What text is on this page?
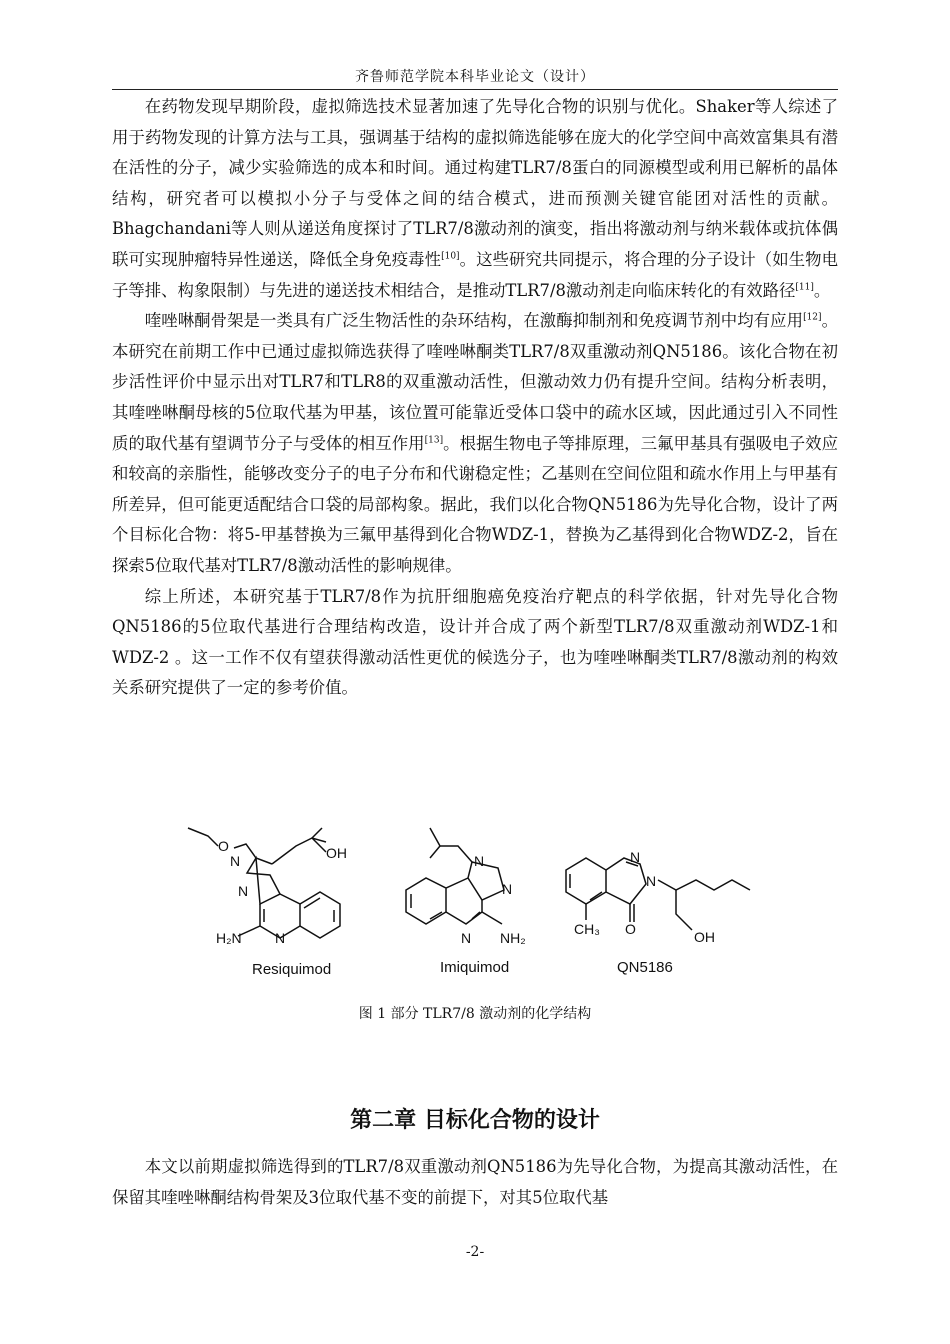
齐鲁师范学院本科毕业论文（设计）

在药物发现早期阶段，虚拟筛选技术显著加速了先导化合物的识别与优化。Shaker等人综述了用于药物发现的计算方法与工具，强调基于结构的虚拟筛选能够在庞大的化学空间中高效富集具有潜在活性的分子，减少实验筛选的成本和时间。通过构建TLR7/8蛋白的同源模型或利用已解析的晶体结构，研究者可以模拟小分子与受体之间的结合模式，进而预测关键官能团对活性的贡献。Bhagchandani等人则从递送角度探讨了TLR7/8激动剂的演变，指出将激动剂与纳米载体或抗体偶联可实现肿瘤特异性递送，降低全身免疫毒性[10]。这些研究共同提示，将合理的分子设计（如生物电子等排、构象限制）与先进的递送技术相结合，是推动TLR7/8激动剂走向临床转化的有效路径[11]。

喹唑啉酮骨架是一类具有广泛生物活性的杂环结构，在激酶抑制剂和免疫调节剂中均有应用[12]。本研究在前期工作中已通过虚拟筛选获得了喹唑啉酮类TLR7/8双重激动剂QN5186。该化合物在初步活性评价中显示出对TLR7和TLR8的双重激动活性，但激动效力仍有提升空间。结构分析表明，其喹唑啉酮母核的5位取代基为甲基，该位置可能靠近受体口袋中的疏水区域，因此通过引入不同性质的取代基有望调节分子与受体的相互作用[13]。根据生物电子等排原理，三氟甲基具有强吸电子效应和较高的亲脂性，能够改变分子的电子分布和代谢稳定性；乙基则在空间位阻和疏水作用上与甲基有所差异，但可能更适配结合口袋的局部构象。据此，我们以化合物QN5186为先导化合物，设计了两个目标化合物：将5-甲基替换为三氟甲基得到化合物WDZ-1，替换为乙基得到化合物WDZ-2，旨在探索5位取代基对TLR7/8激动活性的影响规律。

综上所述，本研究基于TLR7/8作为抗肝细胞癌免疫治疗靶点的科学依据，针对先导化合物QN5186的5位取代基进行合理结构改造，设计并合成了两个新型TLR7/8双重激动剂WDZ-1和WDZ-2 。这一工作不仅有望获得激动活性更优的候选分子，也为喹唑啉酮类TLR7/8激动剂的构效关系研究提供了一定的参考价值。

O
N	OH
N
N
H₂N
N
N
N NH₂
N
N
O
CH₃	OH
Resiquimod	Imiquimod	QN5186
图 1 部分 TLR7/8 激动剂的化学结构
第二章 目标化合物的设计

本文以前期虚拟筛选得到的TLR7/8双重激动剂QN5186为先导化合物，为提高其激动活性，在保留其喹唑啉酮结构骨架及3位取代基不变的前提下，对其5位取代基

-2-
